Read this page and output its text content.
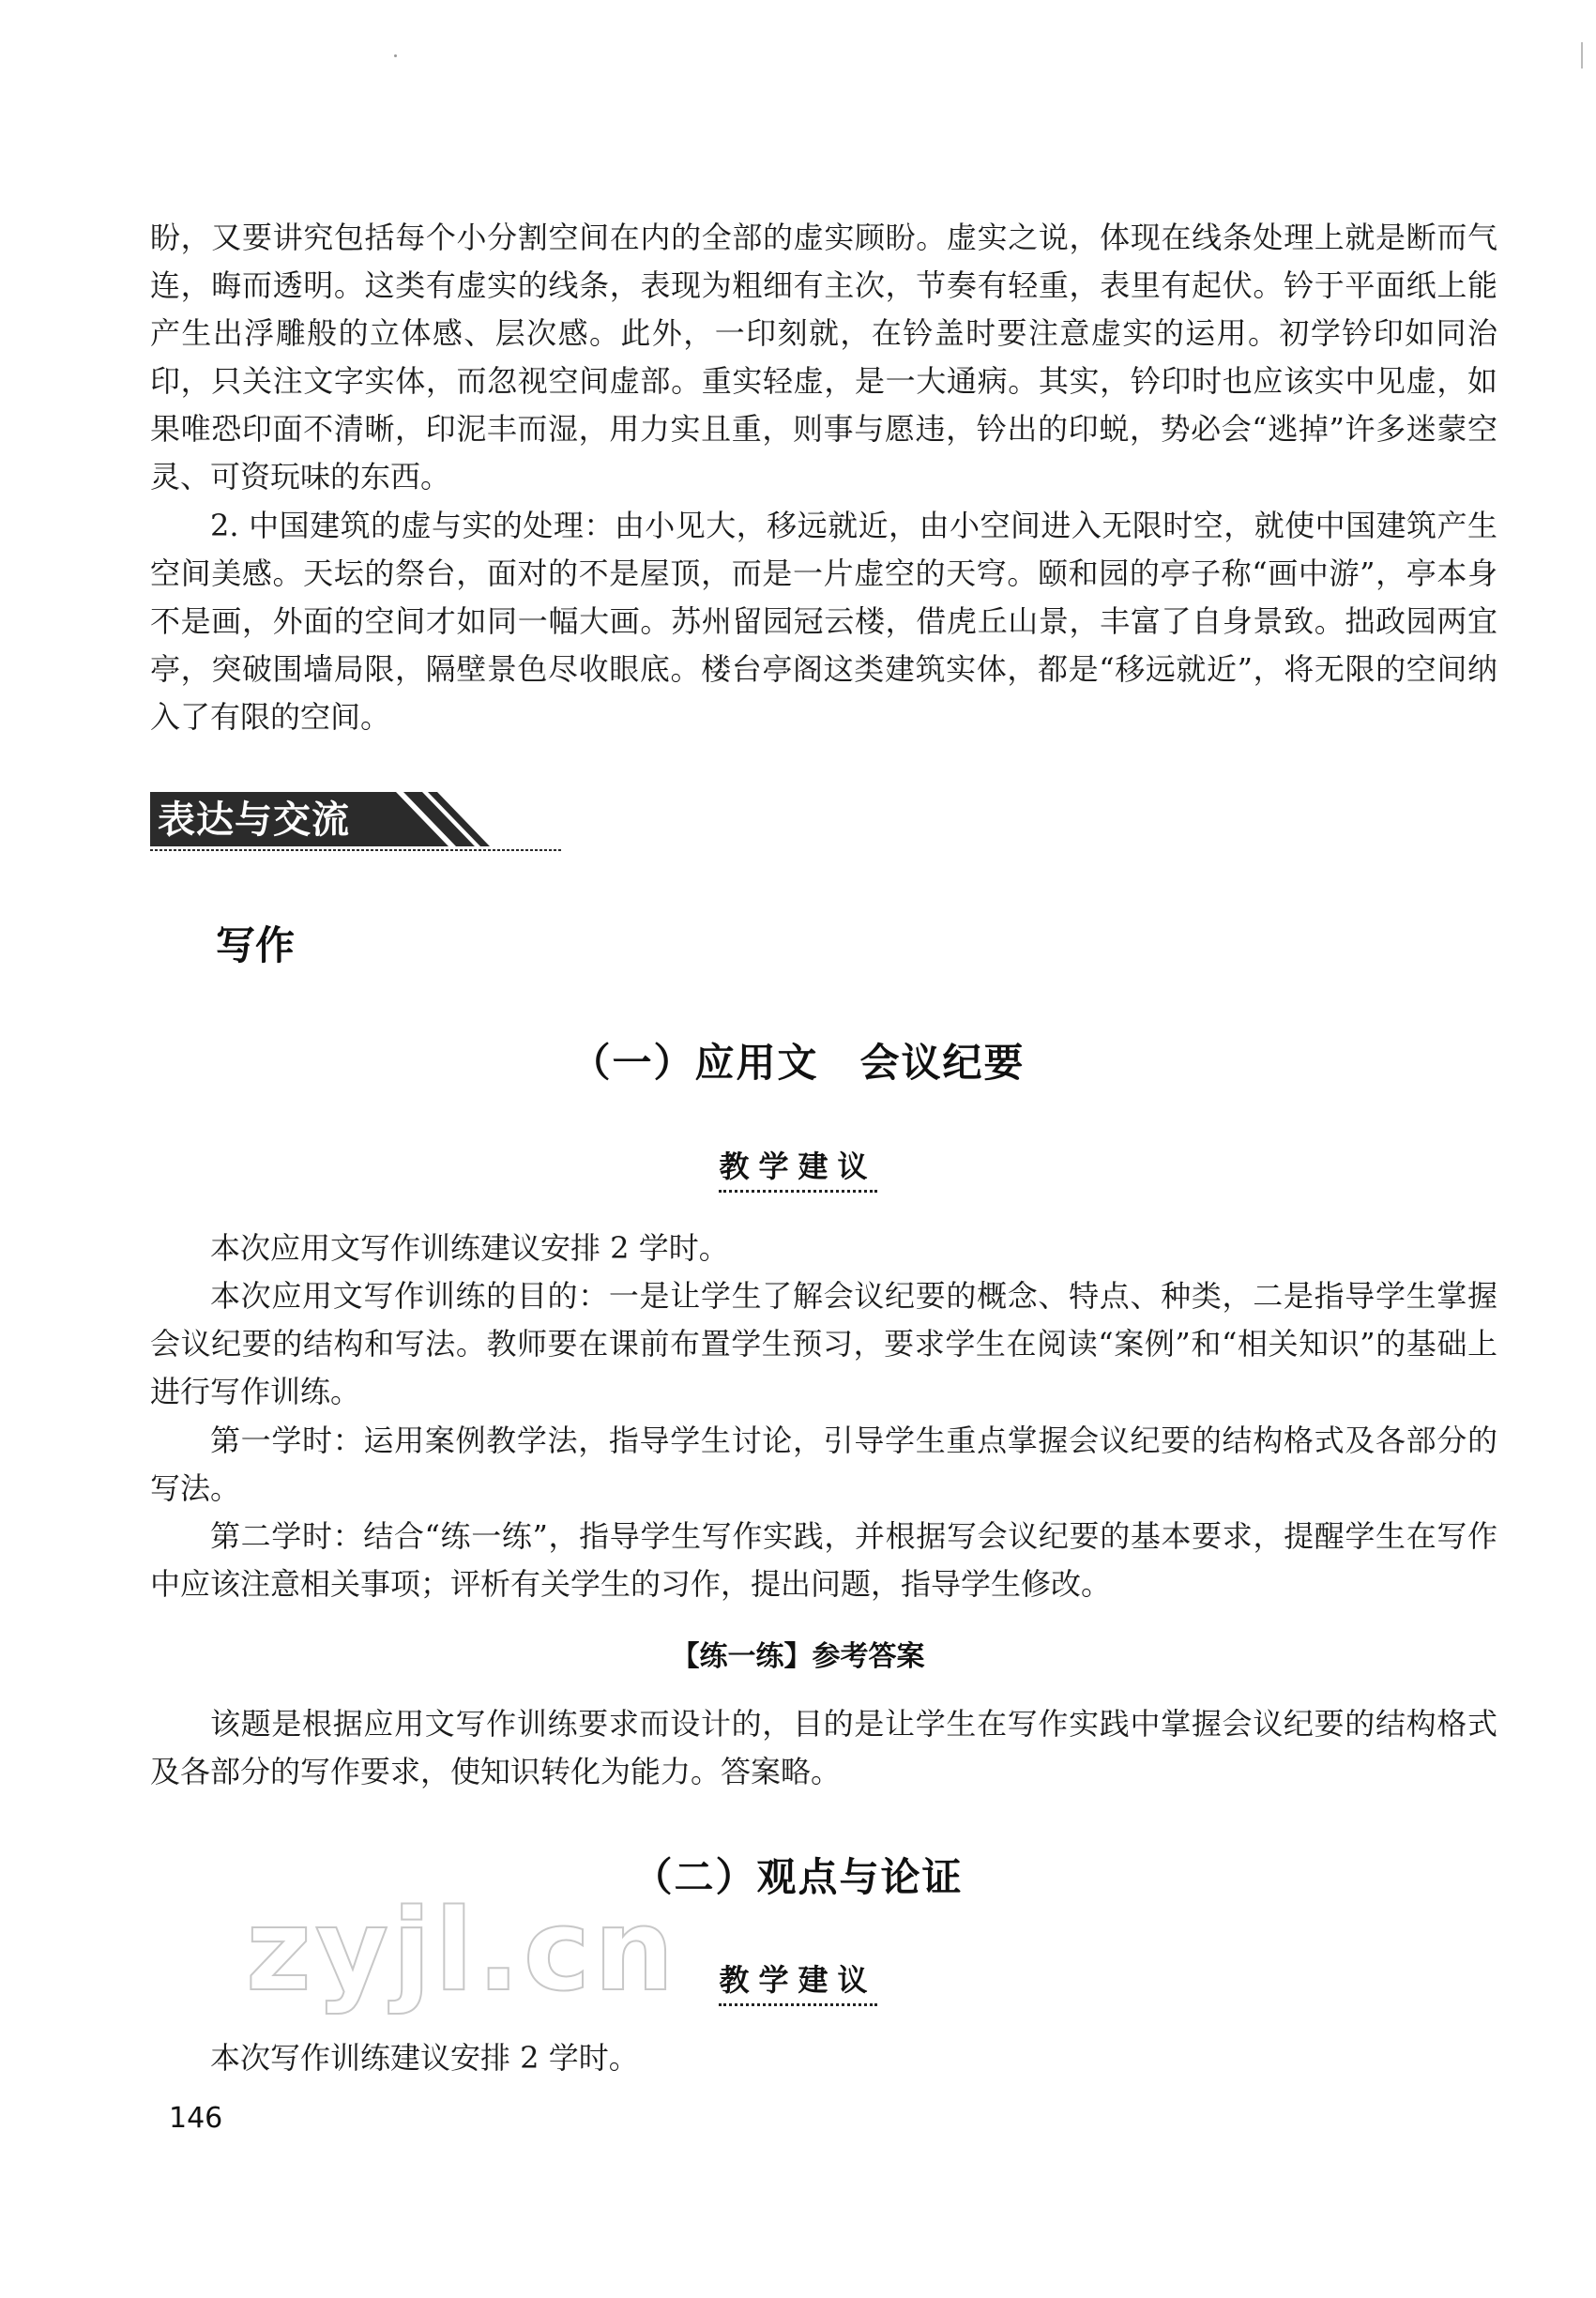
盼，又要讲究包括每个小分割空间在内的全部的虚实顾盼。虚实之说，体现在线条处理上就是断而气连，晦而透明。这类有虚实的线条，表现为粗细有主次，节奏有轻重，表里有起伏。钤于平面纸上能产生出浮雕般的立体感、层次感。此外，一印刻就，在钤盖时要注意虚实的运用。初学钤印如同治印，只关注文字实体，而忽视空间虚部。重实轻虚，是一大通病。其实，钤印时也应该实中见虚，如果唯恐印面不清晰，印泥丰而湿，用力实且重，则事与愿违，钤出的印蜕，势必会“逃掉”许多迷蒙空灵、可资玩味的东西。

2. 中国建筑的虚与实的处理：由小见大，移远就近，由小空间进入无限时空，就使中国建筑产生空间美感。天坛的祭台，面对的不是屋顶，而是一片虚空的天穹。颐和园的亭子称“画中游”，亭本身不是画，外面的空间才如同一幅大画。苏州留园冠云楼，借虎丘山景，丰富了自身景致。拙政园两宜亭，突破围墙局限，隔壁景色尽收眼底。楼台亭阁这类建筑实体，都是“移远就近”，将无限的空间纳入了有限的空间。

表达与交流
写作
（一）应用文　会议纪要
教学建议

本次应用文写作训练建议安排 2 学时。

本次应用文写作训练的目的：一是让学生了解会议纪要的概念、特点、种类，二是指导学生掌握会议纪要的结构和写法。教师要在课前布置学生预习，要求学生在阅读“案例”和“相关知识”的基础上进行写作训练。

第一学时：运用案例教学法，指导学生讨论，引导学生重点掌握会议纪要的结构格式及各部分的写法。

第二学时：结合“练一练”，指导学生写作实践，并根据写会议纪要的基本要求，提醒学生在写作中应该注意相关事项；评析有关学生的习作，提出问题，指导学生修改。

【练一练】参考答案

该题是根据应用文写作训练要求而设计的，目的是让学生在写作实践中掌握会议纪要的结构格式及各部分的写作要求，使知识转化为能力。答案略。

（二）观点与论证
教学建议
zyjl.cn

本次写作训练建议安排 2 学时。

146
